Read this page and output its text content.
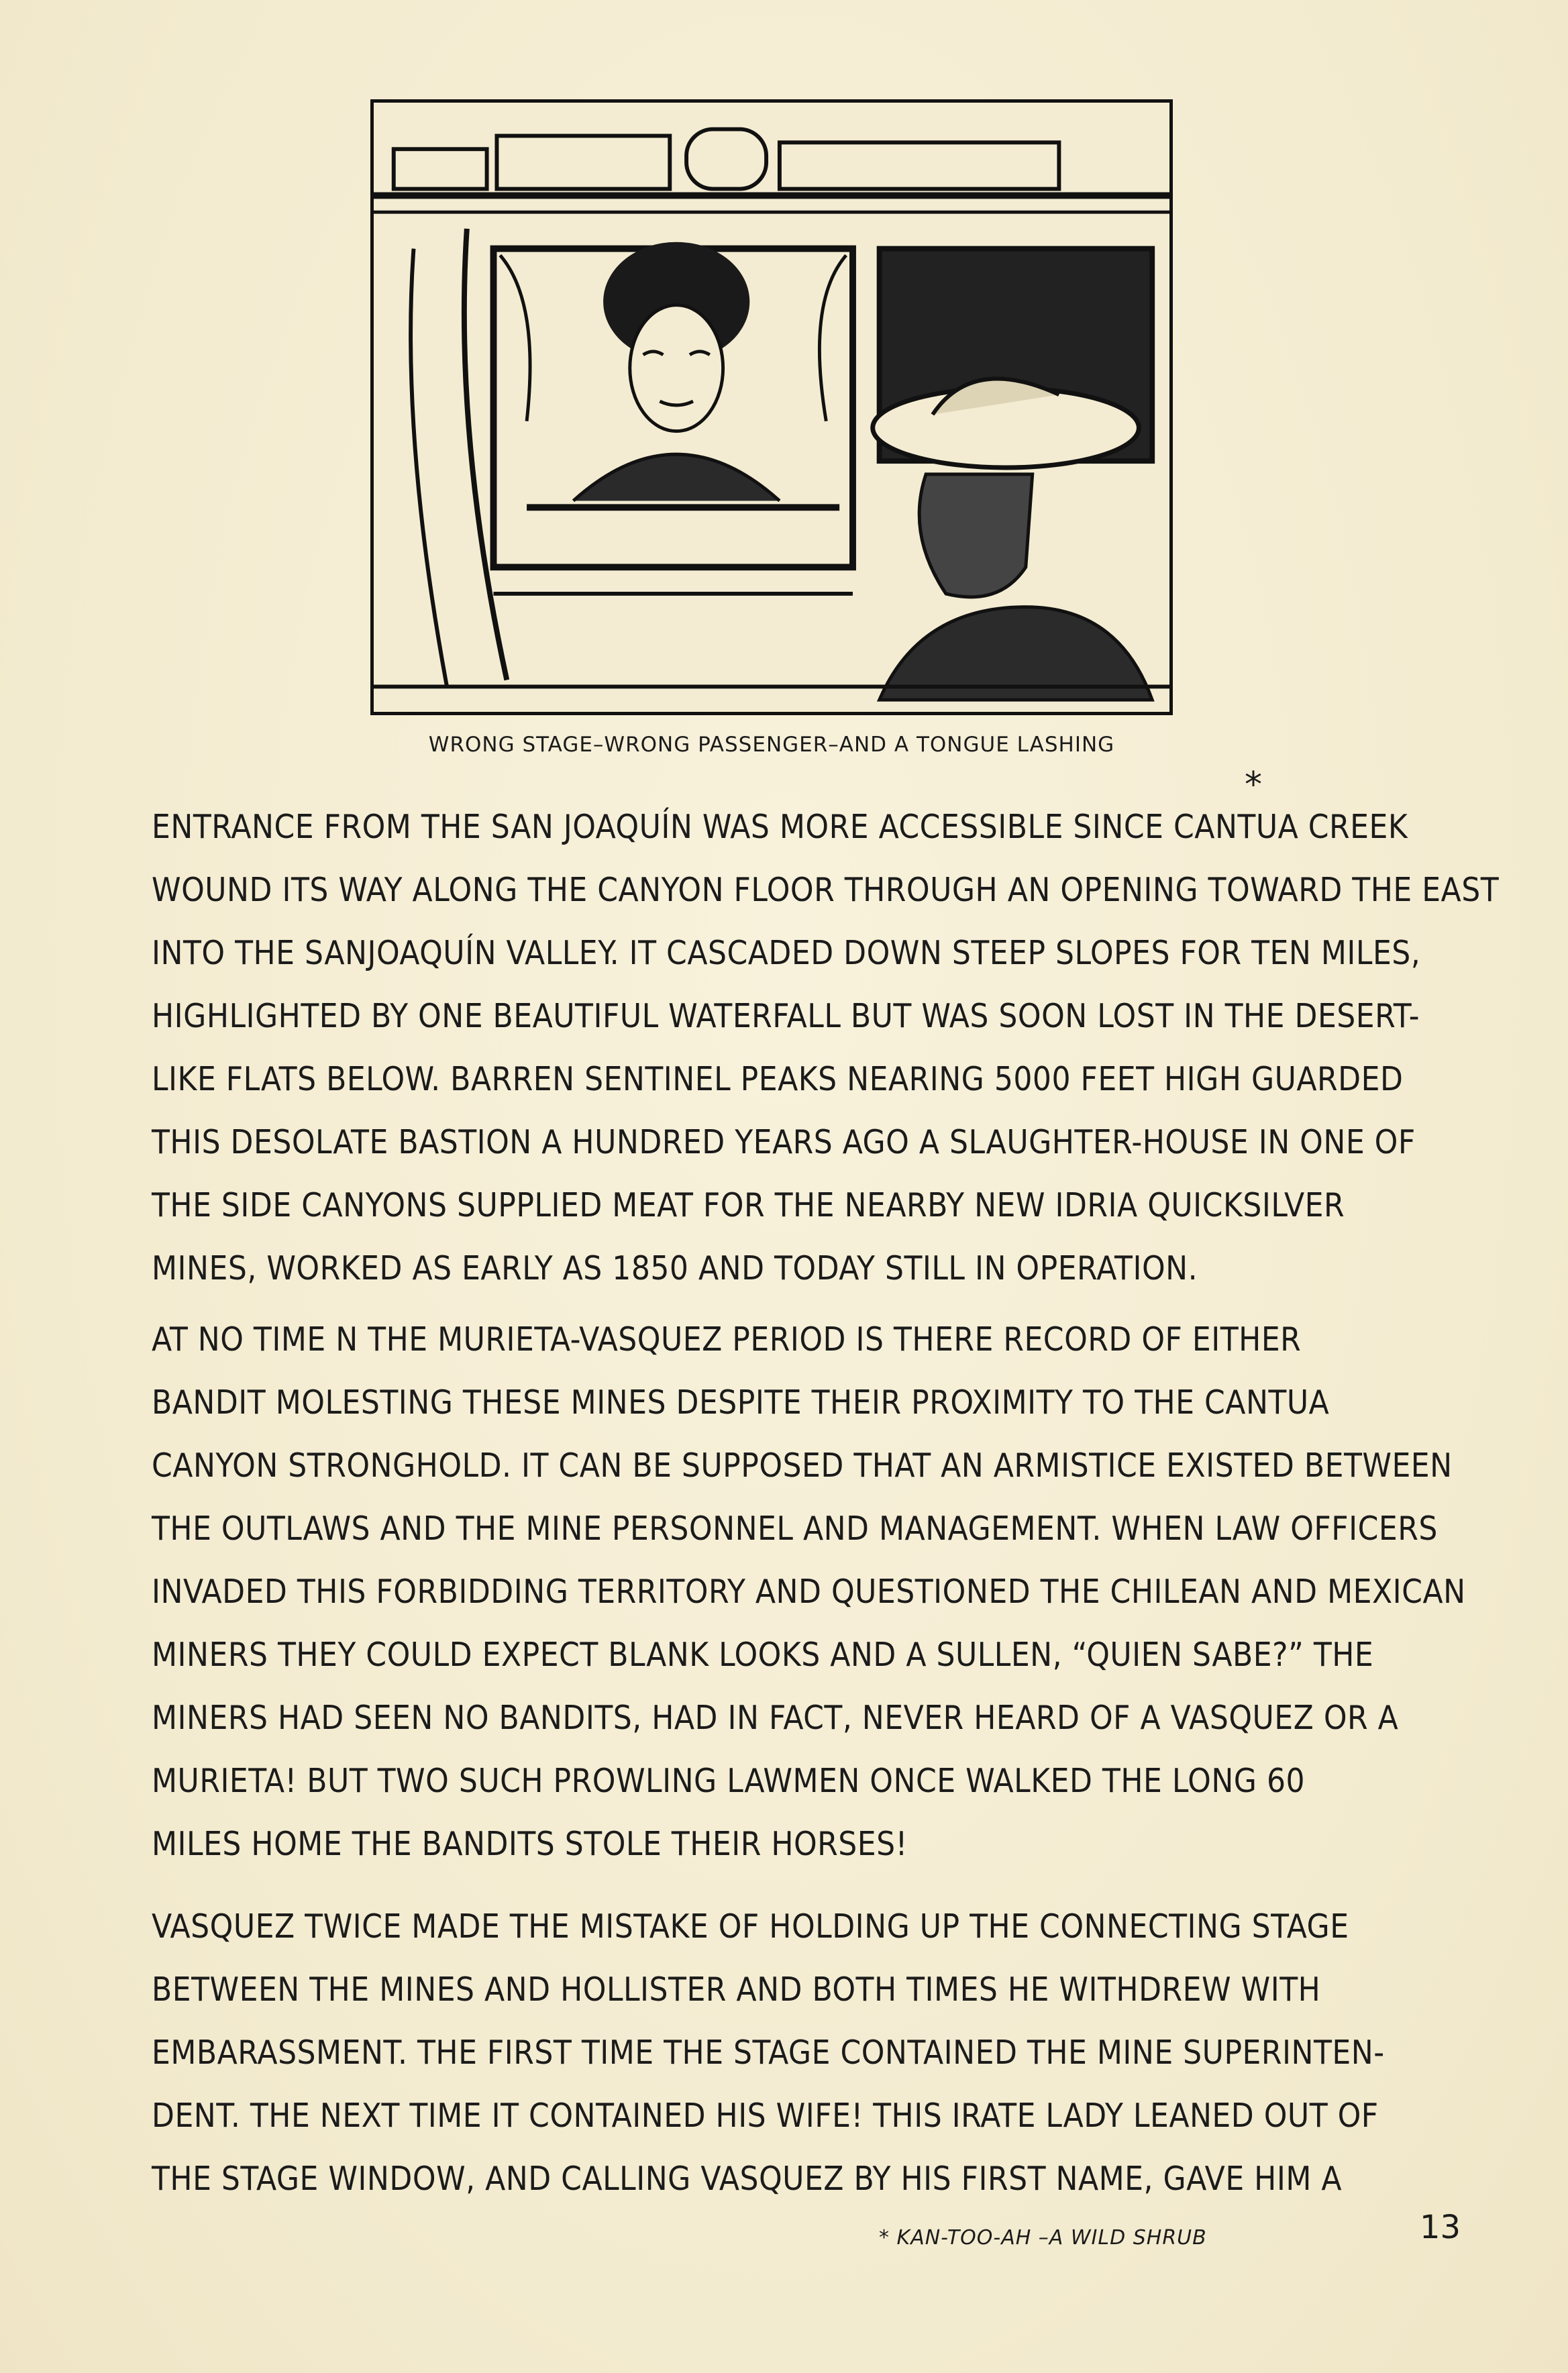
WRONG STAGE–WRONG PASSENGER–AND A TONGUE LASHING
ENTRANCE FROM THE SAN JOAQUÍN WAS MORE ACCESSIBLE SINCE CANTUA CREEK
WOUND ITS WAY ALONG THE CANYON FLOOR THROUGH AN OPENING TOWARD THE EAST
INTO THE SANJOAQUÍN VALLEY. IT CASCADED DOWN STEEP SLOPES FOR TEN MILES,
HIGHLIGHTED BY ONE BEAUTIFUL WATERFALL BUT WAS SOON LOST IN THE DESERT-
LIKE FLATS BELOW. BARREN SENTINEL PEAKS NEARING 5000 FEET HIGH GUARDED
THIS DESOLATE BASTION A HUNDRED YEARS AGO A SLAUGHTER-HOUSE IN ONE OF
THE SIDE CANYONS SUPPLIED MEAT FOR THE NEARBY NEW IDRIA QUICKSILVER
MINES, WORKED AS EARLY AS 1850 AND TODAY STILL IN OPERATION.
*
AT NO TIME N THE MURIETA-VASQUEZ PERIOD IS THERE RECORD OF EITHER
BANDIT MOLESTING THESE MINES DESPITE THEIR PROXIMITY TO THE CANTUA
CANYON STRONGHOLD. IT CAN BE SUPPOSED THAT AN ARMISTICE EXISTED BETWEEN
THE OUTLAWS AND THE MINE PERSONNEL AND MANAGEMENT. WHEN LAW OFFICERS
INVADED THIS FORBIDDING TERRITORY AND QUESTIONED THE CHILEAN AND MEXICAN
MINERS THEY COULD EXPECT BLANK LOOKS AND A SULLEN, “QUIEN SABE?” THE
MINERS HAD SEEN NO BANDITS, HAD IN FACT, NEVER HEARD OF A VASQUEZ OR A
MURIETA! BUT TWO SUCH PROWLING LAWMEN ONCE WALKED THE LONG 60
MILES HOME THE BANDITS STOLE THEIR HORSES!
VASQUEZ TWICE MADE THE MISTAKE OF HOLDING UP THE CONNECTING STAGE
BETWEEN THE MINES AND HOLLISTER AND BOTH TIMES HE WITHDREW WITH
EMBARASSMENT. THE FIRST TIME THE STAGE CONTAINED THE MINE SUPERINTEN-
DENT. THE NEXT TIME IT CONTAINED HIS WIFE! THIS IRATE LADY LEANED OUT OF
THE STAGE WINDOW, AND CALLING VASQUEZ BY HIS FIRST NAME, GAVE HIM A
* KAN-TOO-AH –A WILD SHRUB	13
